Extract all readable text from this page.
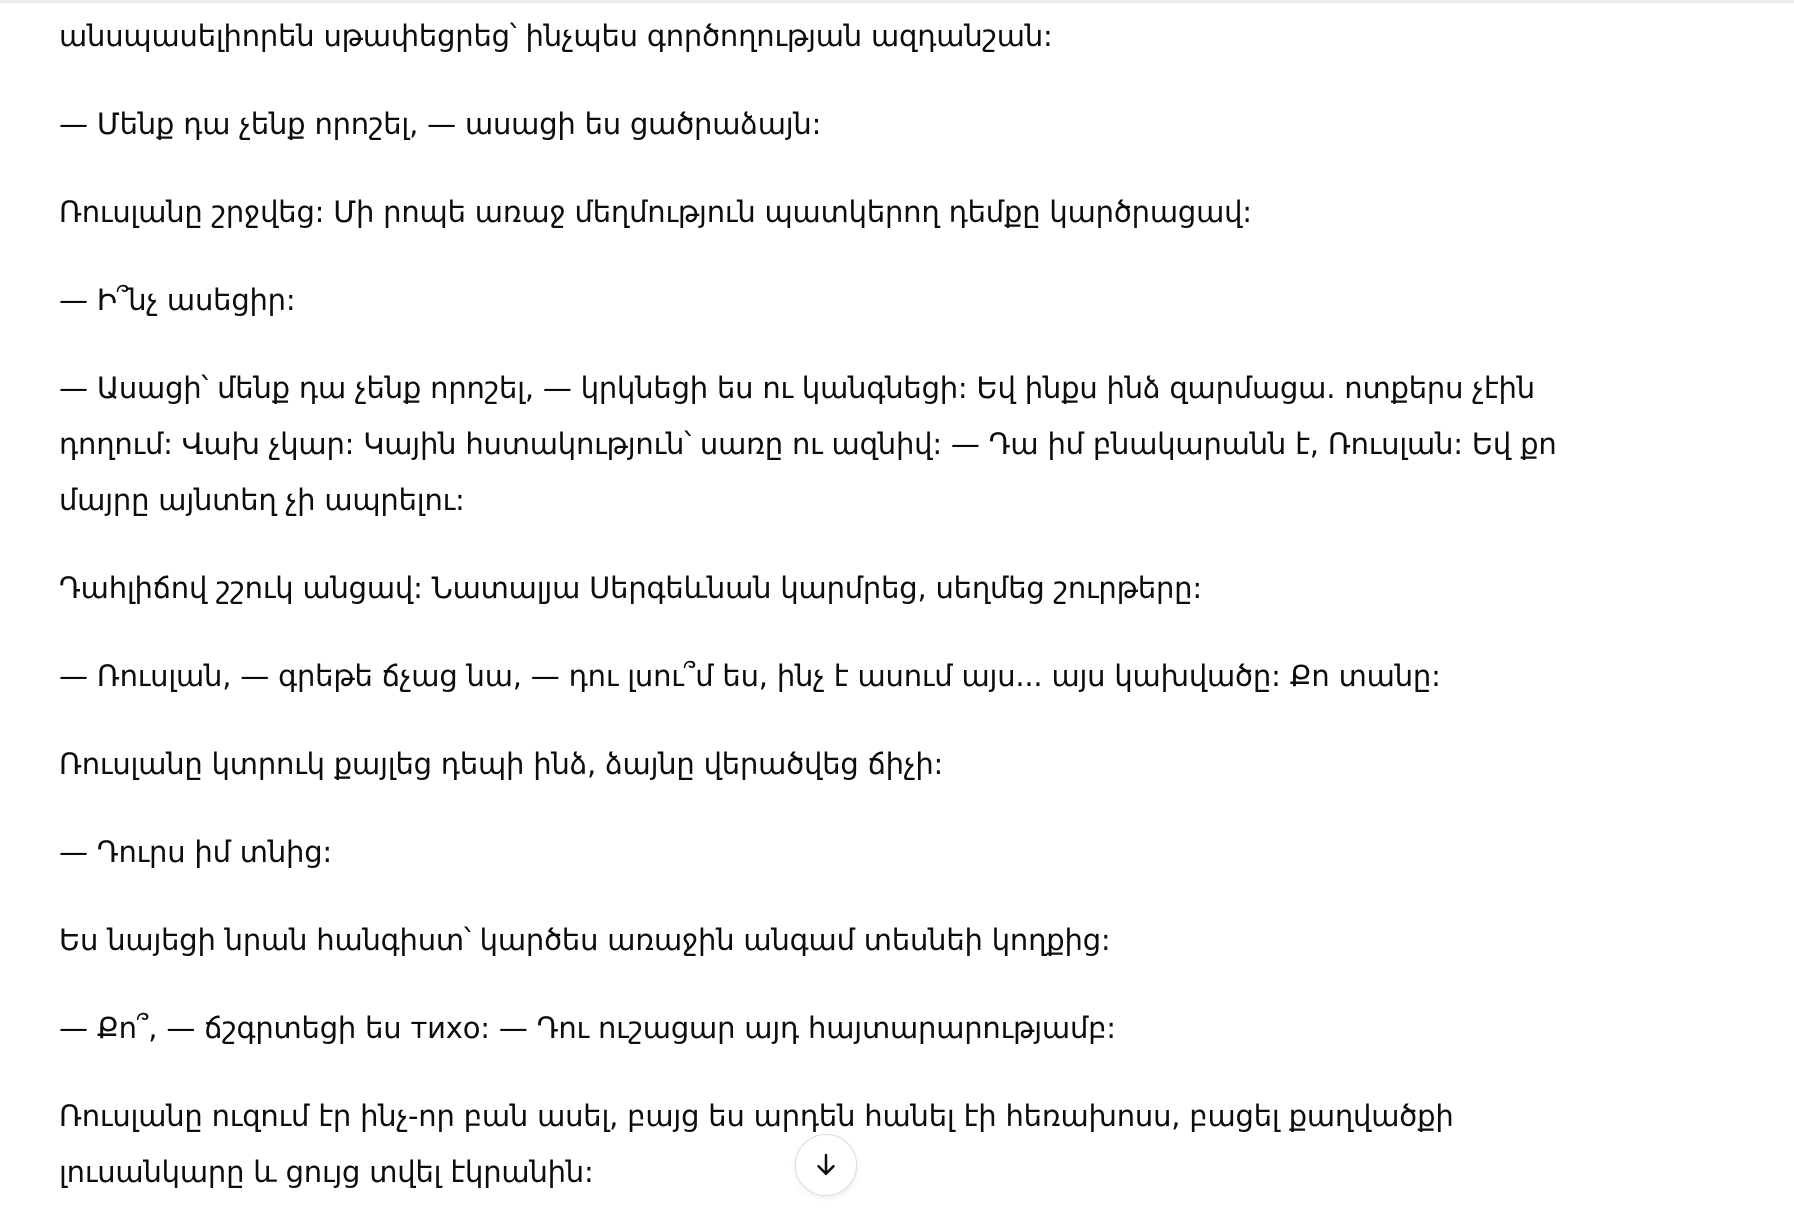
անսպասելիորեն սթափեցրեց՝ ինչպես գործողության ազդանշան:

— Մենք դա չենք որոշել, — ասացի ես ցածրաձայն:

Ռուսլանը շրջվեց: Մի րոպե առաջ մեղմություն պատկերող դեմքը կարծրացավ:

— Ի՞նչ ասեցիր:

— Ասացի՝ մենք դա չենք որոշել, — կրկնեցի ես ու կանգնեցի: Եվ ինքս ինձ զարմացա. ոտքերս չէին դողում: Վախ չկար: Կային հստակություն՝ սառը ու ազնիվ: — Դա իմ բնակարանն է, Ռուսլան: Եվ քո մայրը այնտեղ չի ապրելու:

Դահլիճով շշուկ անցավ: Նատալյա Սերգեևնան կարմրեց, սեղմեց շուրթերը:

— Ռուսլան, — գրեթե ճչաց նա, — դու լսու՞մ ես, ինչ է ասում այս... այս կախվածը: Քո տանը:

Ռուսլանը կտրուկ քայլեց դեպի ինձ, ձայնը վերածվեց ճիչի:

— Դուրս իմ տնից:

Ես նայեցի նրան հանգիստ՝ կարծես առաջին անգամ տեսնեի կողքից:

— Քո՞, — ճշգրտեցի ես тихо: — Դու ուշացար այդ հայտարարությամբ:

Ռուսլանը ուզում էր ինչ-որ բան ասել, բայց ես արդեն հանել էի հեռախոսս, բացել քաղվածքի լուսանկարը և ցույց տվել էկրանին:
